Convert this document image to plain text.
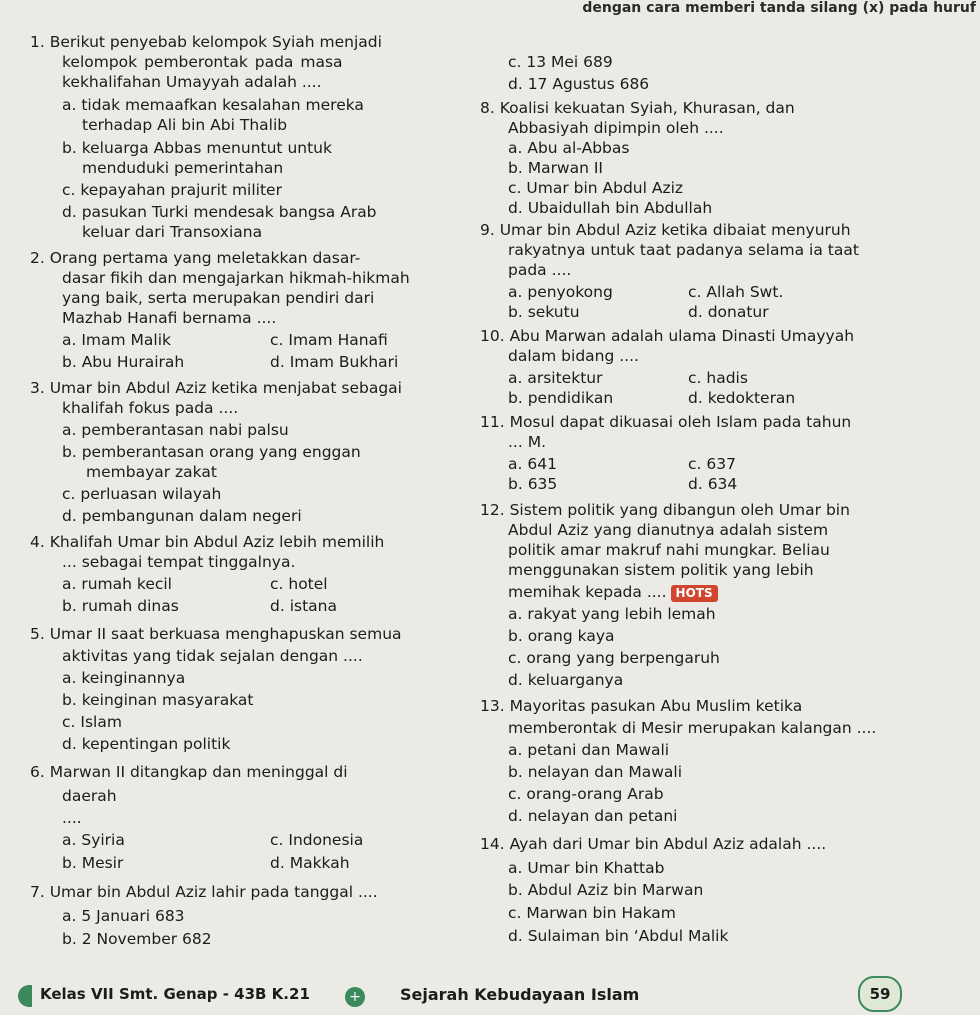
dengan cara memberi tanda silang (x) pada huruf
1. Berikut penyebab kelompok Syiah menjadi
kelompok pemberontak pada masa
kekhalifahan Umayyah adalah ....
a. tidak memaafkan kesalahan mereka
terhadap Ali bin Abi Thalib
b. keluarga Abbas menuntut untuk
menduduki pemerintahan
c. kepayahan prajurit militer
d. pasukan Turki mendesak bangsa Arab
keluar dari Transoxiana
2. Orang pertama yang meletakkan dasar-
dasar fikih dan mengajarkan hikmah-hikmah
yang baik, serta merupakan pendiri dari
Mazhab Hanafi bernama ....
a. Imam Malik	c. Imam Hanafi
b. Abu Hurairah	d. Imam Bukhari
3. Umar bin Abdul Aziz ketika menjabat sebagai
khalifah fokus pada ....
a. pemberantasan nabi palsu
b. pemberantasan orang yang enggan
membayar zakat
c. perluasan wilayah
d. pembangunan dalam negeri
4. Khalifah Umar bin Abdul Aziz lebih memilih
... sebagai tempat tinggalnya.
a. rumah kecil	c. hotel
b. rumah dinas	d. istana
5. Umar II saat berkuasa menghapuskan semua
aktivitas yang tidak sejalan dengan ....
a. keinginannya
b. keinginan masyarakat
c. Islam
d. kepentingan politik
6. Marwan II ditangkap dan meninggal di
daerah
....
a. Syiria	c. Indonesia
b. Mesir	d. Makkah
7. Umar bin Abdul Aziz lahir pada tanggal ....
a. 5 Januari 683
b. 2 November 682
c. 13 Mei 689
d. 17 Agustus 686
8. Koalisi kekuatan Syiah, Khurasan, dan
Abbasiyah dipimpin oleh ....
a. Abu al-Abbas
b. Marwan II
c. Umar bin Abdul Aziz
d. Ubaidullah bin Abdullah
9. Umar bin Abdul Aziz ketika dibaiat menyuruh
rakyatnya untuk taat padanya selama ia taat
pada ....
a. penyokong	c. Allah Swt.
b. sekutu	d. donatur
10. Abu Marwan adalah ulama Dinasti Umayyah
dalam bidang ....
a. arsitektur	c. hadis
b. pendidikan	d. kedokteran
11. Mosul dapat dikuasai oleh Islam pada tahun
... M.
a. 641	c. 637
b. 635	d. 634
12. Sistem politik yang dibangun oleh Umar bin
Abdul Aziz yang dianutnya adalah sistem
politik amar makruf nahi mungkar. Beliau
menggunakan sistem politik yang lebih
memihak kepada .... HOTS
a. rakyat yang lebih lemah
b. orang kaya
c. orang yang berpengaruh
d. keluarganya
13. Mayoritas pasukan Abu Muslim ketika
memberontak di Mesir merupakan kalangan ....
a. petani dan Mawali
b. nelayan dan Mawali
c. orang-orang Arab
d. nelayan dan petani
14. Ayah dari Umar bin Abdul Aziz adalah ....
a. Umar bin Khattab
b. Abdul Aziz bin Marwan
c. Marwan bin Hakam
d. Sulaiman bin ‘Abdul Malik
Kelas VII Smt. Genap - 43B K.21	+ Sejarah Kebudayaan Islam	59
